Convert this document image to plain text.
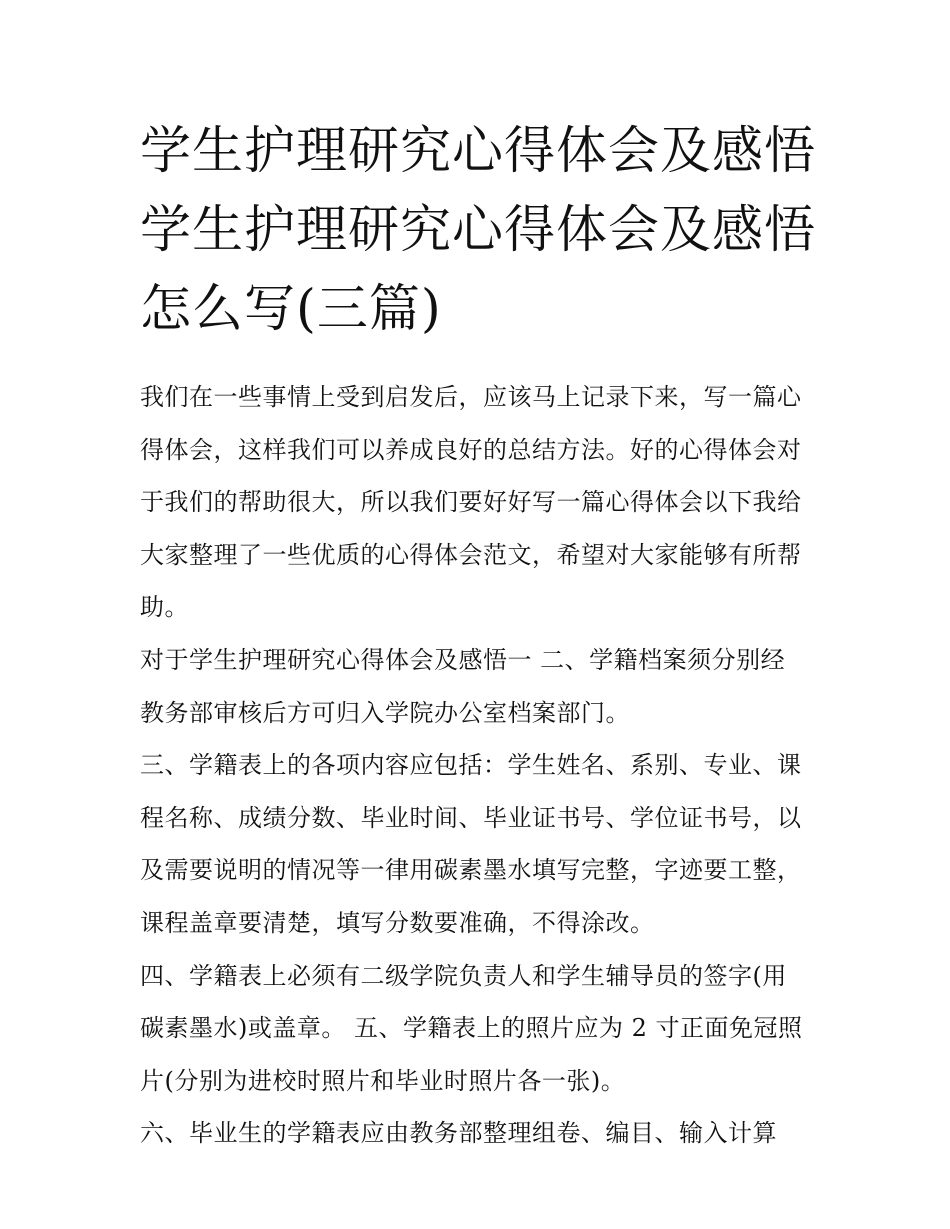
学生护理研究心得体会及感悟
学生护理研究心得体会及感悟
怎么写(三篇)

我们在一些事情上受到启发后，应该马上记录下来，写一篇心
得体会，这样我们可以养成良好的总结方法。好的心得体会对
于我们的帮助很大，所以我们要好好写一篇心得体会以下我给
大家整理了一些优质的心得体会范文，希望对大家能够有所帮
助。

对于学生护理研究心得体会及感悟一 二、学籍档案须分别经
教务部审核后方可归入学院办公室档案部门。

三、学籍表上的各项内容应包括：学生姓名、系别、专业、课
程名称、成绩分数、毕业时间、毕业证书号、学位证书号，以
及需要说明的情况等一律用碳素墨水填写完整，字迹要工整，
课程盖章要清楚，填写分数要准确，不得涂改。

四、学籍表上必须有二级学院负责人和学生辅导员的签字(用
碳素墨水)或盖章。 五、学籍表上的照片应为 2 寸正面免冠照
片(分别为进校时照片和毕业时照片各一张)。

六、毕业生的学籍表应由教务部整理组卷、编目、输入计算
